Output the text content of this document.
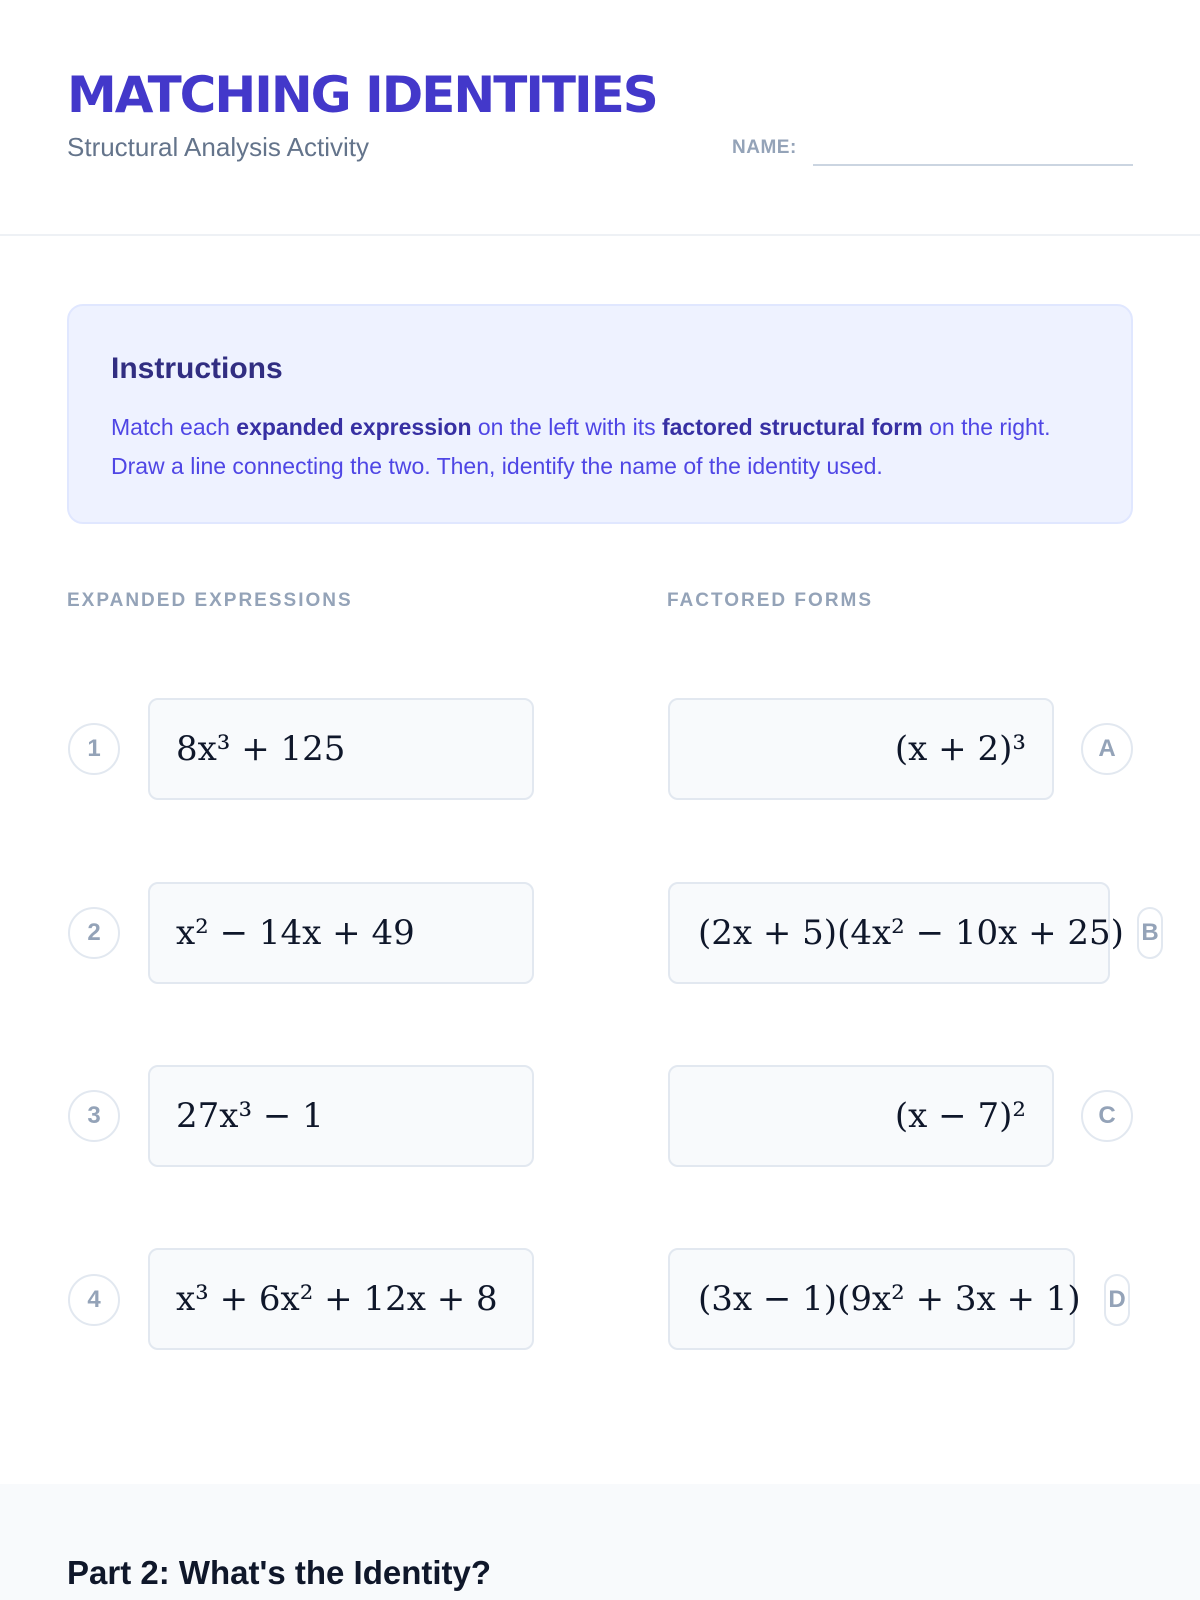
MATCHING IDENTITIES
Structural Analysis Activity	NAME:
Instructions
Match each expanded expression on the left with its factored structural form on the right. Draw a line connecting the two. Then, identify the name of the identity used.
EXPANDED EXPRESSIONS	FACTORED FORMS
1	8x³ + 125	(x + 2)³	A
2	x² − 14x + 49	(2x + 5)(4x² − 10x + 25) B
3	27x³ − 1	(x − 7)²	C
4	x³ + 6x² + 12x + 8	(3x − 1)(9x² + 3x + 1) D
Part 2: What's the Identity?
